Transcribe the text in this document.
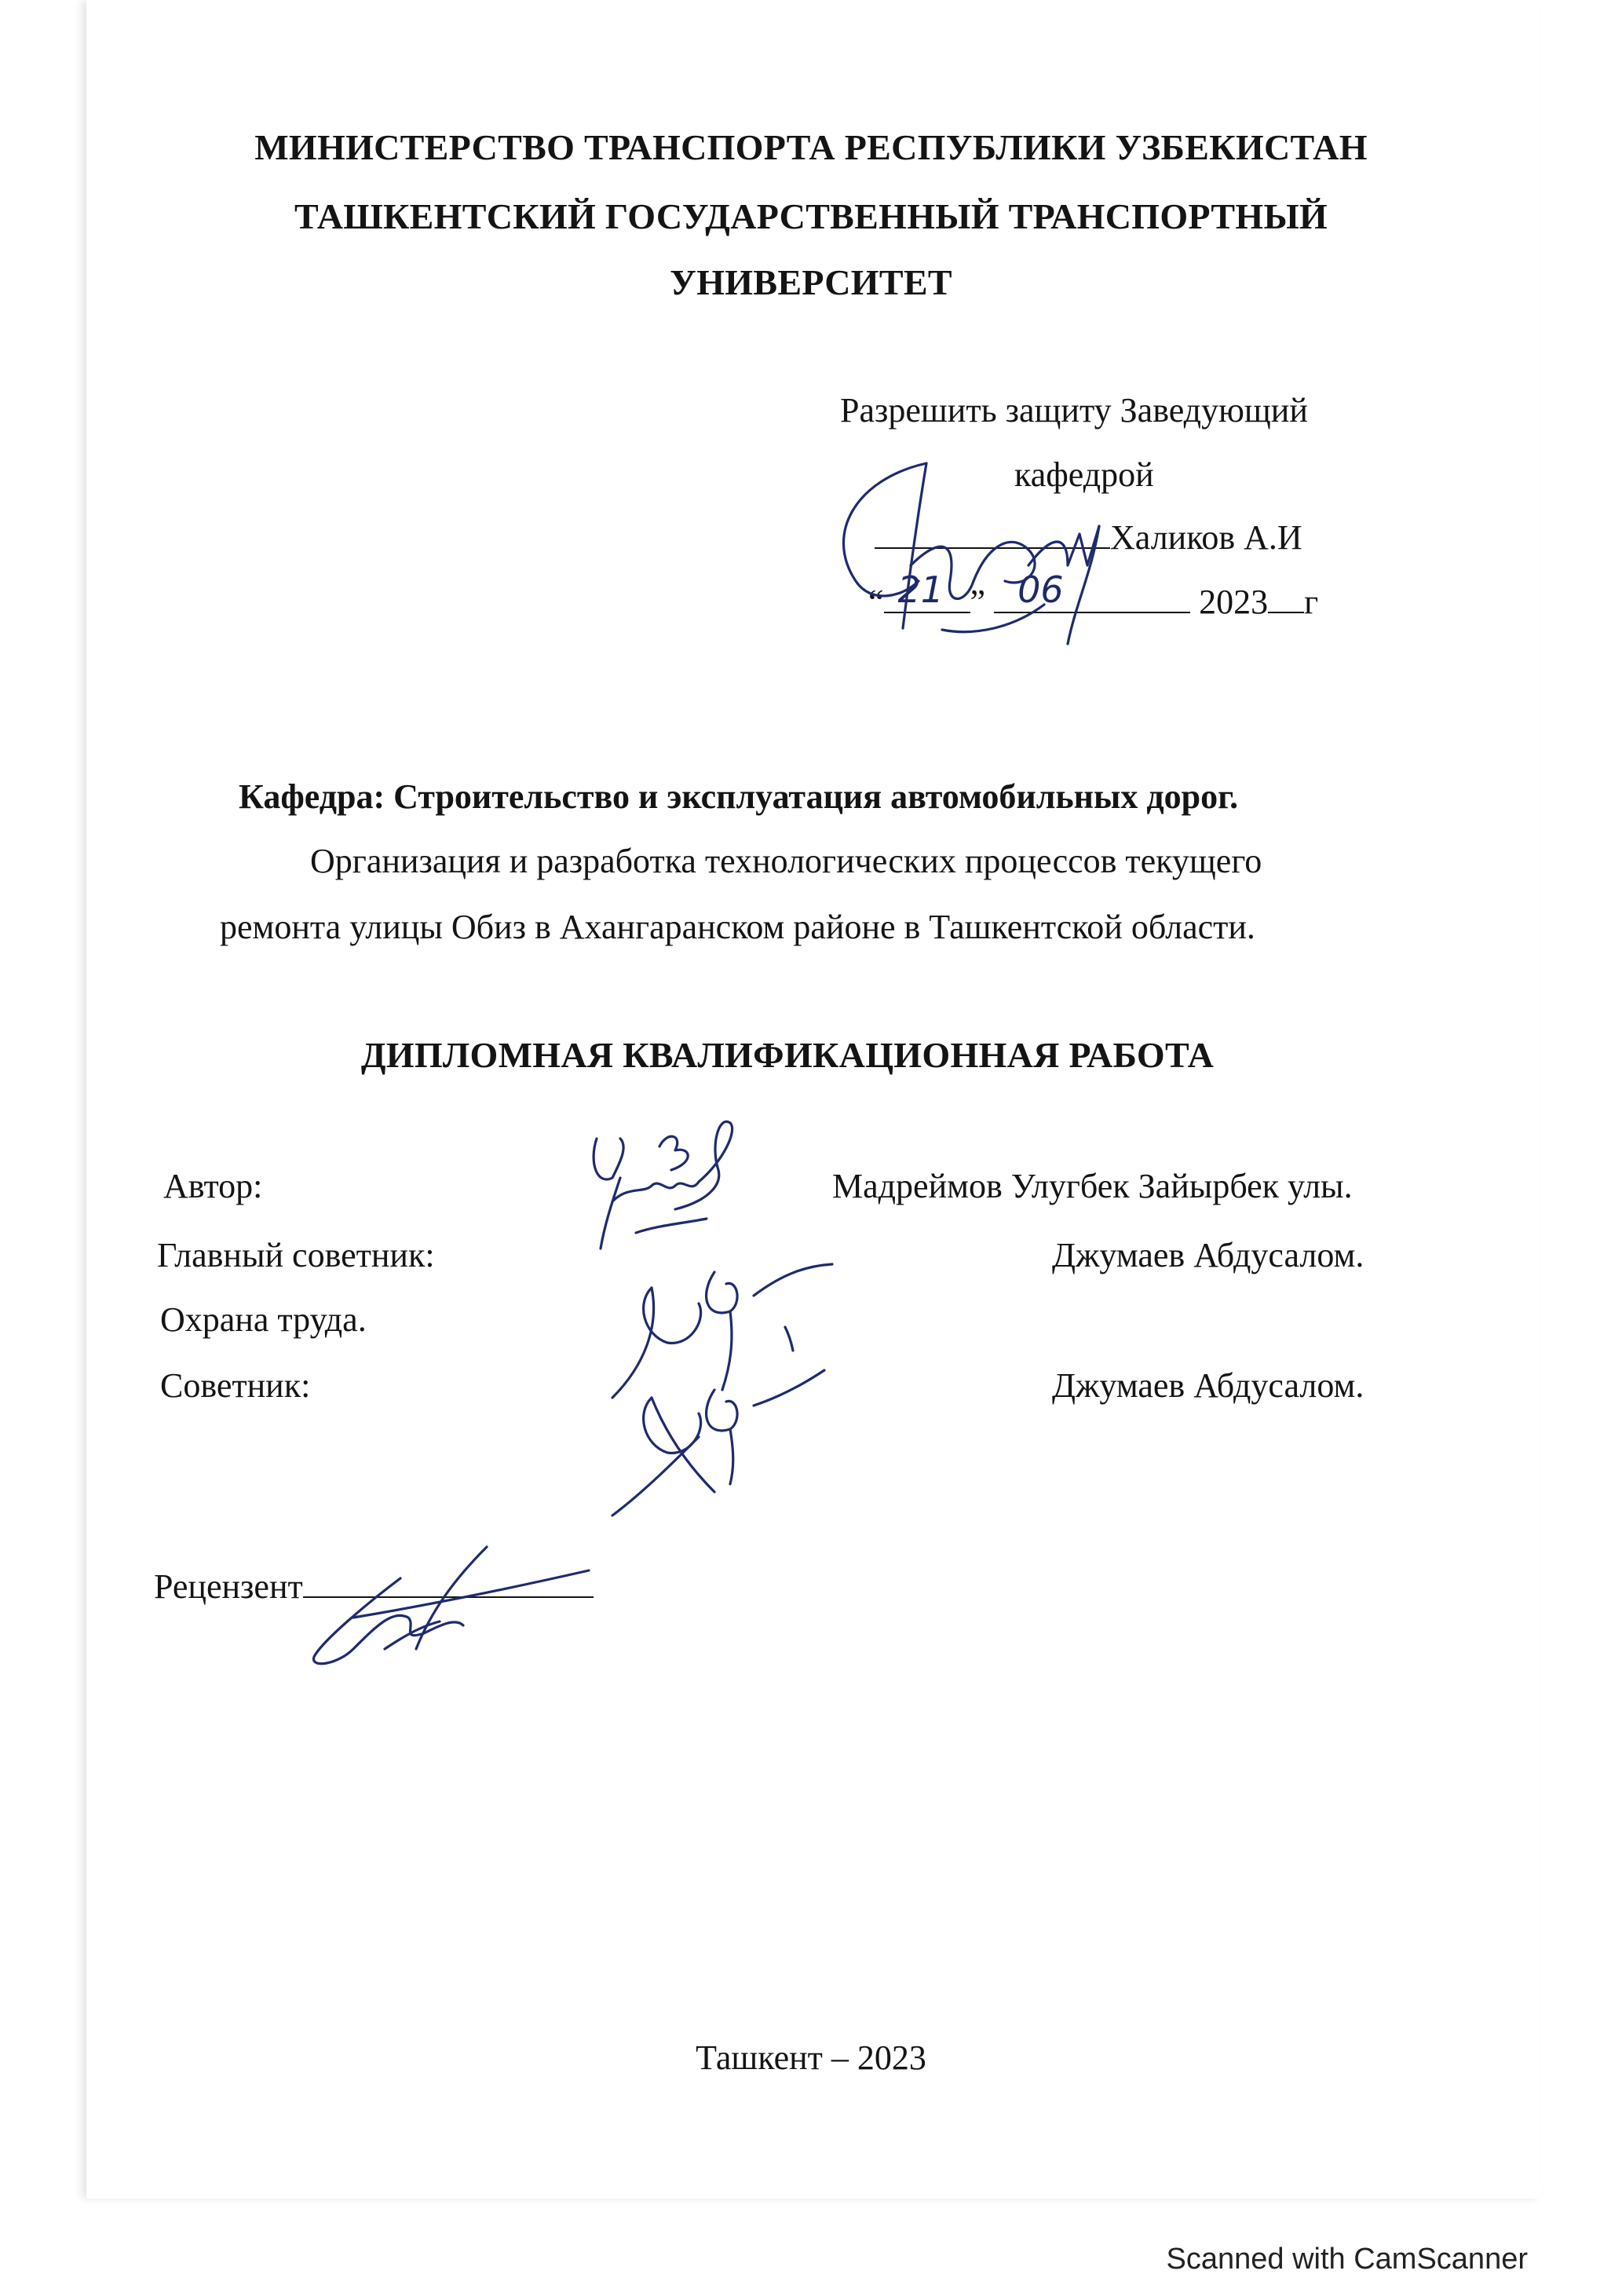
МИНИСТЕРСТВО ТРАНСПОРТА РЕСПУБЛИКИ УЗБЕКИСТАН
ТАШКЕНТСКИЙ ГОСУДАРСТВЕННЫЙ ТРАНСПОРТНЫЙ
УНИВЕРСИТЕТ
Разрешить защиту Заведующий
кафедрой
Халиков А.И
“ 21 ” 06	2023 г
Кафедра: Строительство и эксплуатация автомобильных дорог.
Организация и разработка технологических процессов текущего
ремонта улицы Обиз в Ахангаранском районе в Ташкентской области.
ДИПЛОМНАЯ КВАЛИФИКАЦИОННАЯ РАБОТА
Автор:	Мадреймов Улугбек Зайырбек улы.
Главный советник:	Джумаев Абдусалом.
Охрана труда.
Советник:	Джумаев Абдусалом.
Рецензент
Ташкент – 2023
Scanned with CamScanner
